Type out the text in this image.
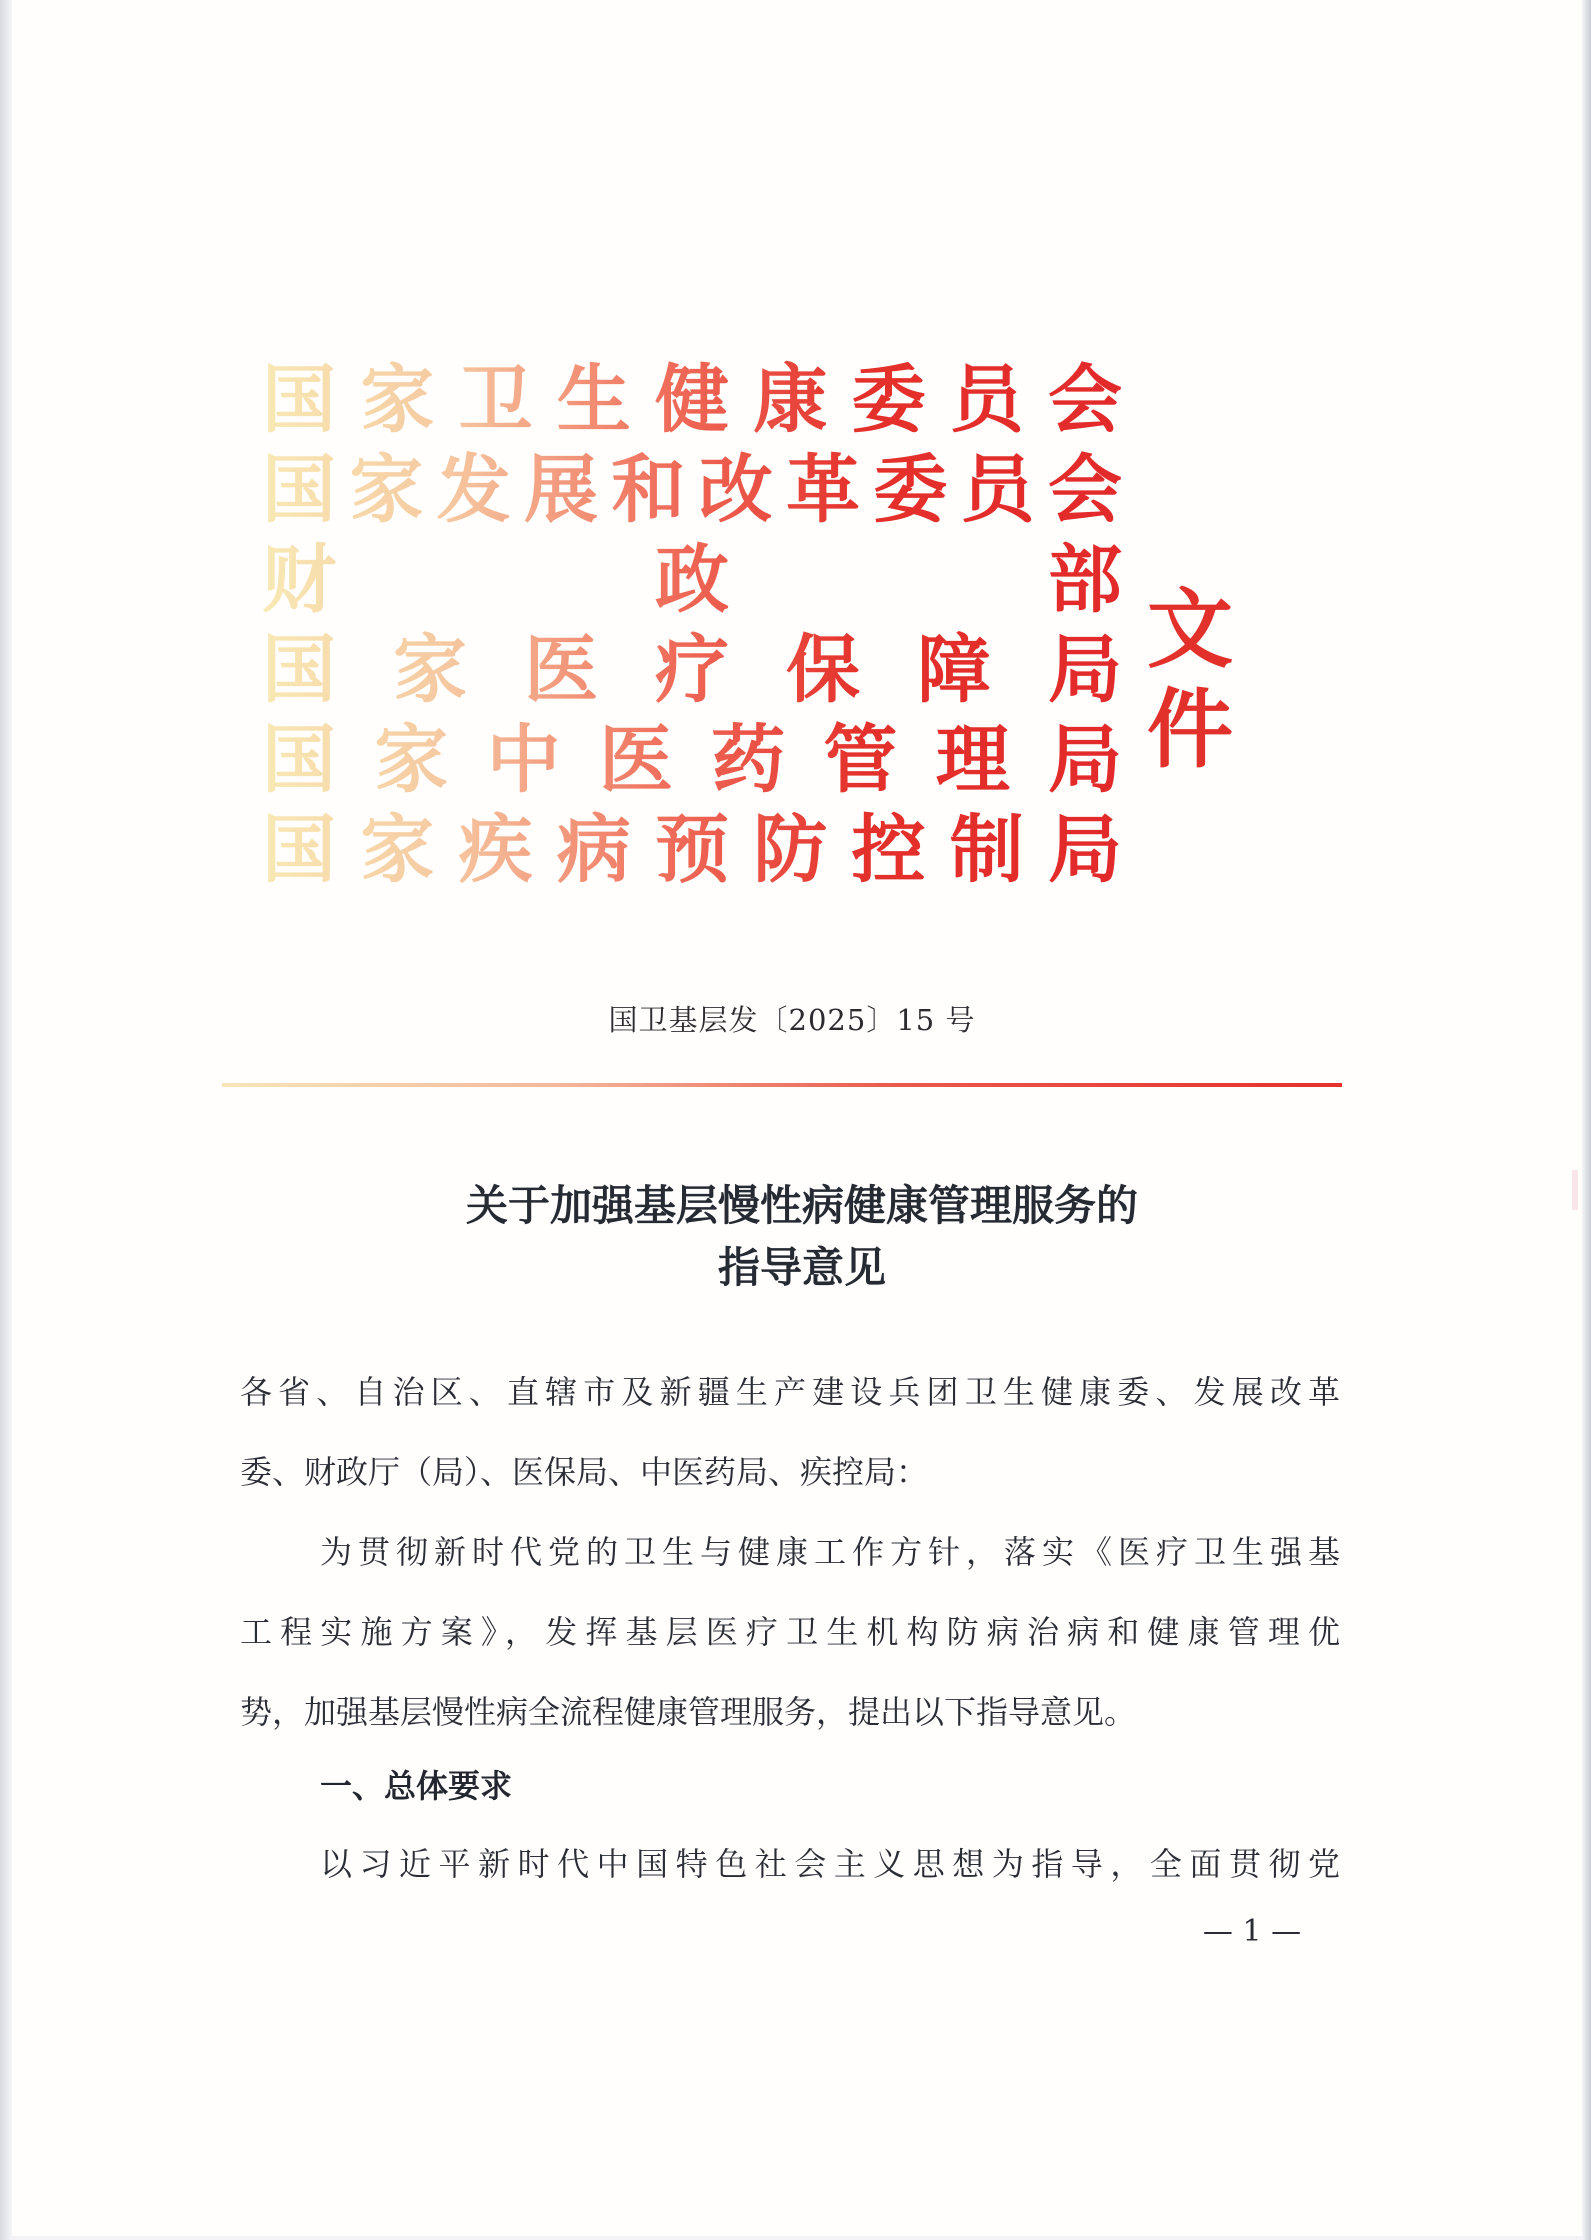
国 家 卫 生 健 康 委 员 会
国 家 发 展 和 改 革 委 员 会
财	政	部
国 家 医 疗 保 障 局
国 家 中 医 药 管 理 局
国 家 疾 病 预 防 控 制 局
文件
国卫基层发〔2025〕15 号
关于加强基层慢性病健康管理服务的
指导意见
各省、自治区、直辖市及新疆生产建设兵团卫生健康委、发展改革
委、财政厅（局）、医保局、中医药局、疾控局：
为贯彻新时代党的卫生与健康工作方针，落实《医疗卫生强基
工程实施方案》，发挥基层医疗卫生机构防病治病和健康管理优
势，加强基层慢性病全流程健康管理服务，提出以下指导意见。
一、总体要求
以习近平新时代中国特色社会主义思想为指导，全面贯彻党
— 1 —
